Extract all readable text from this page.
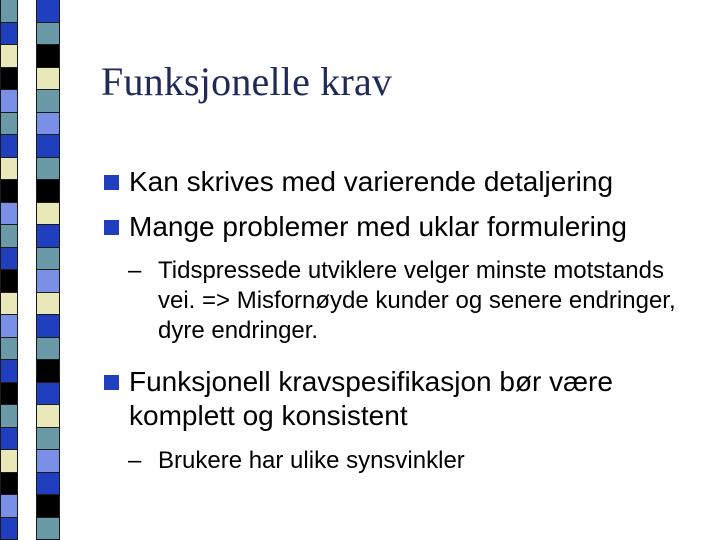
Funksjonelle krav
Kan skrives med varierende detaljering
Mange problemer med uklar formulering
– Tidspressede utviklere velger minste motstands vei. => Misfornøyde kunder og senere endringer, dyre endringer.
Funksjonell kravspesifikasjon bør være komplett og konsistent
– Brukere har ulike synsvinkler
